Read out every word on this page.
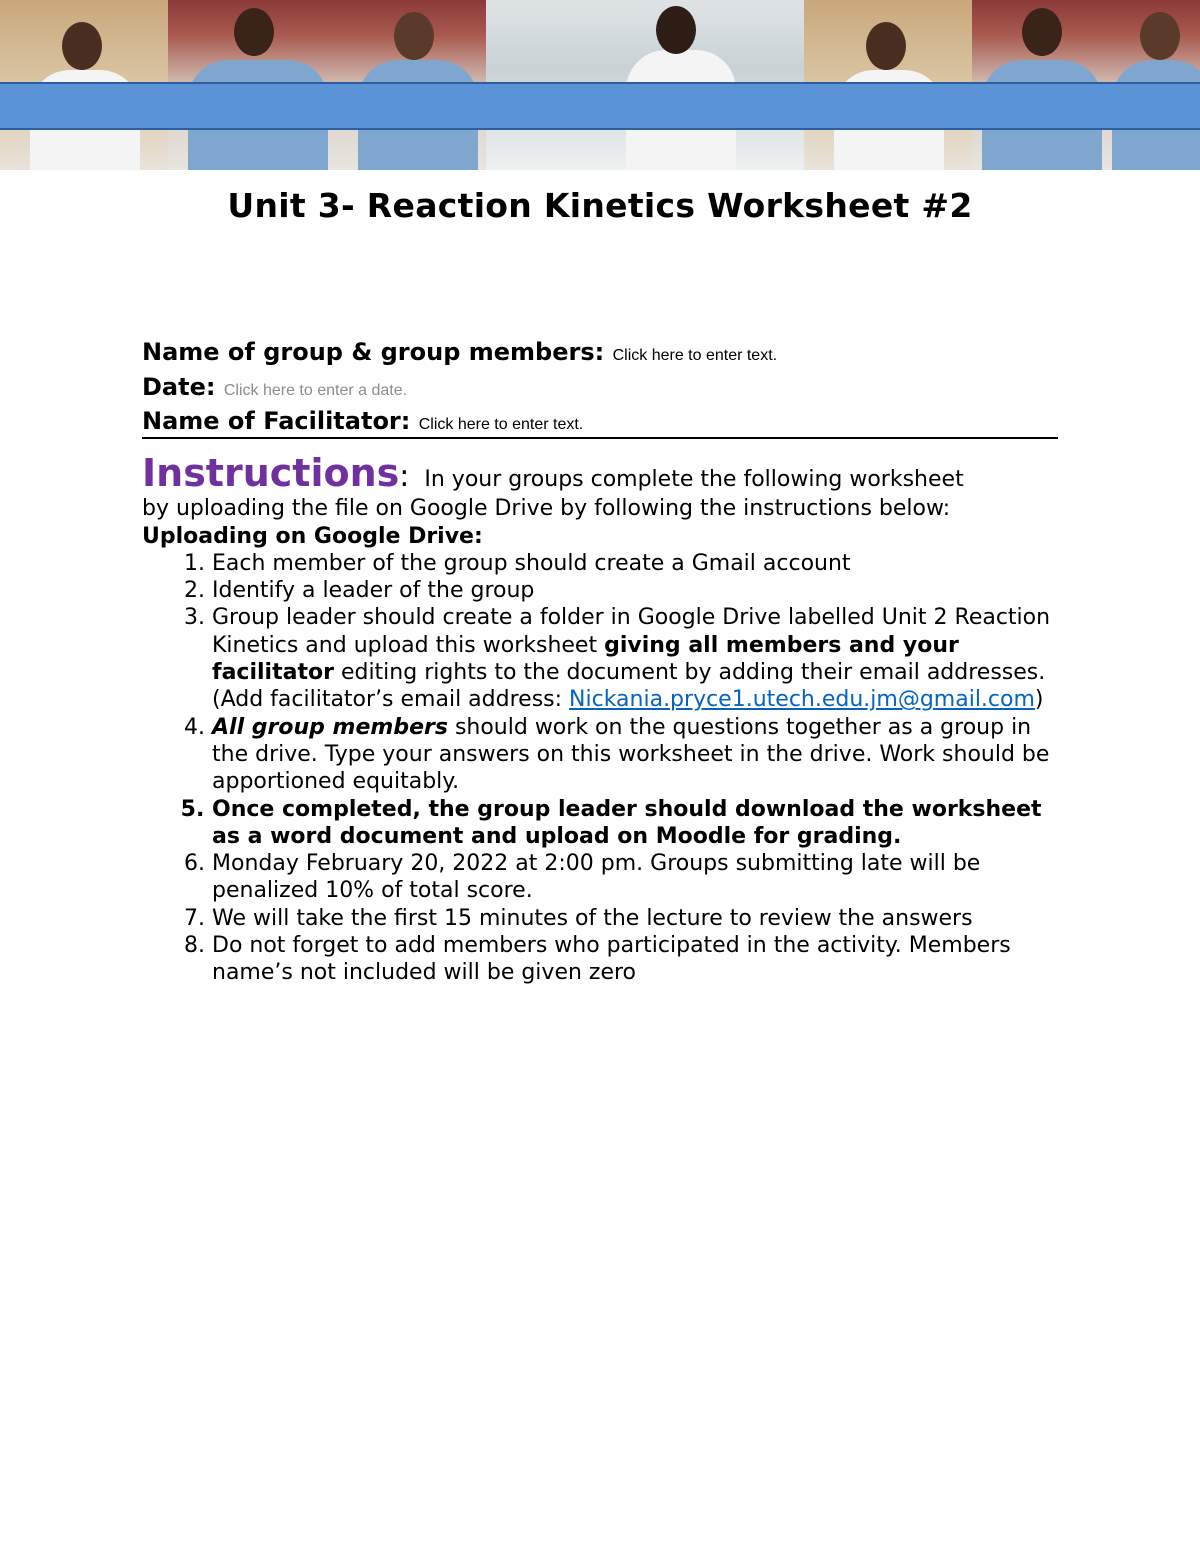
Unit 3- Reaction Kinetics Worksheet #2
Name of group & group members: Click here to enter text.
Date: Click here to enter a date.
Name of Facilitator: Click here to enter text.
Instructions: In your groups complete the following worksheet
by uploading the file on Google Drive by following the instructions below:
Uploading on Google Drive:
1. Each member of the group should create a Gmail account
2. Identify a leader of the group
3. Group leader should create a folder in Google Drive labelled Unit 2 Reaction Kinetics and upload this worksheet giving all members and your facilitator editing rights to the document by adding their email addresses. (Add facilitator’s email address: Nickania.pryce1.utech.edu.jm@gmail.com)
4. All group members should work on the questions together as a group in the drive. Type your answers on this worksheet in the drive. Work should be apportioned equitably.
5. Once completed, the group leader should download the worksheet as a word document and upload on Moodle for grading.
6. Monday February 20, 2022 at 2:00 pm. Groups submitting late will be penalized 10% of total score.
7. We will take the first 15 minutes of the lecture to review the answers
8. Do not forget to add members who participated in the activity. Members name’s not included will be given zero
